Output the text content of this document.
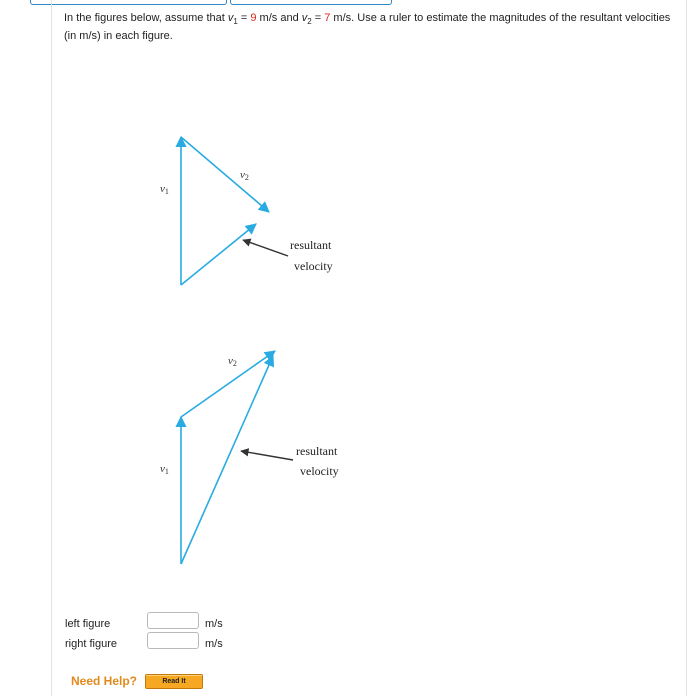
In the figures below, assume that $v_1 = 9$ m/s and $v_2 = 7$ m/s. Use a ruler to estimate the magnitudes of the resultant velocities (in m/s) in each figure.
v1
v2
resultant
velocity
v1
v2
resultant
velocity
left figure	m/s
right figure	m/s
Need Help?	Read It
